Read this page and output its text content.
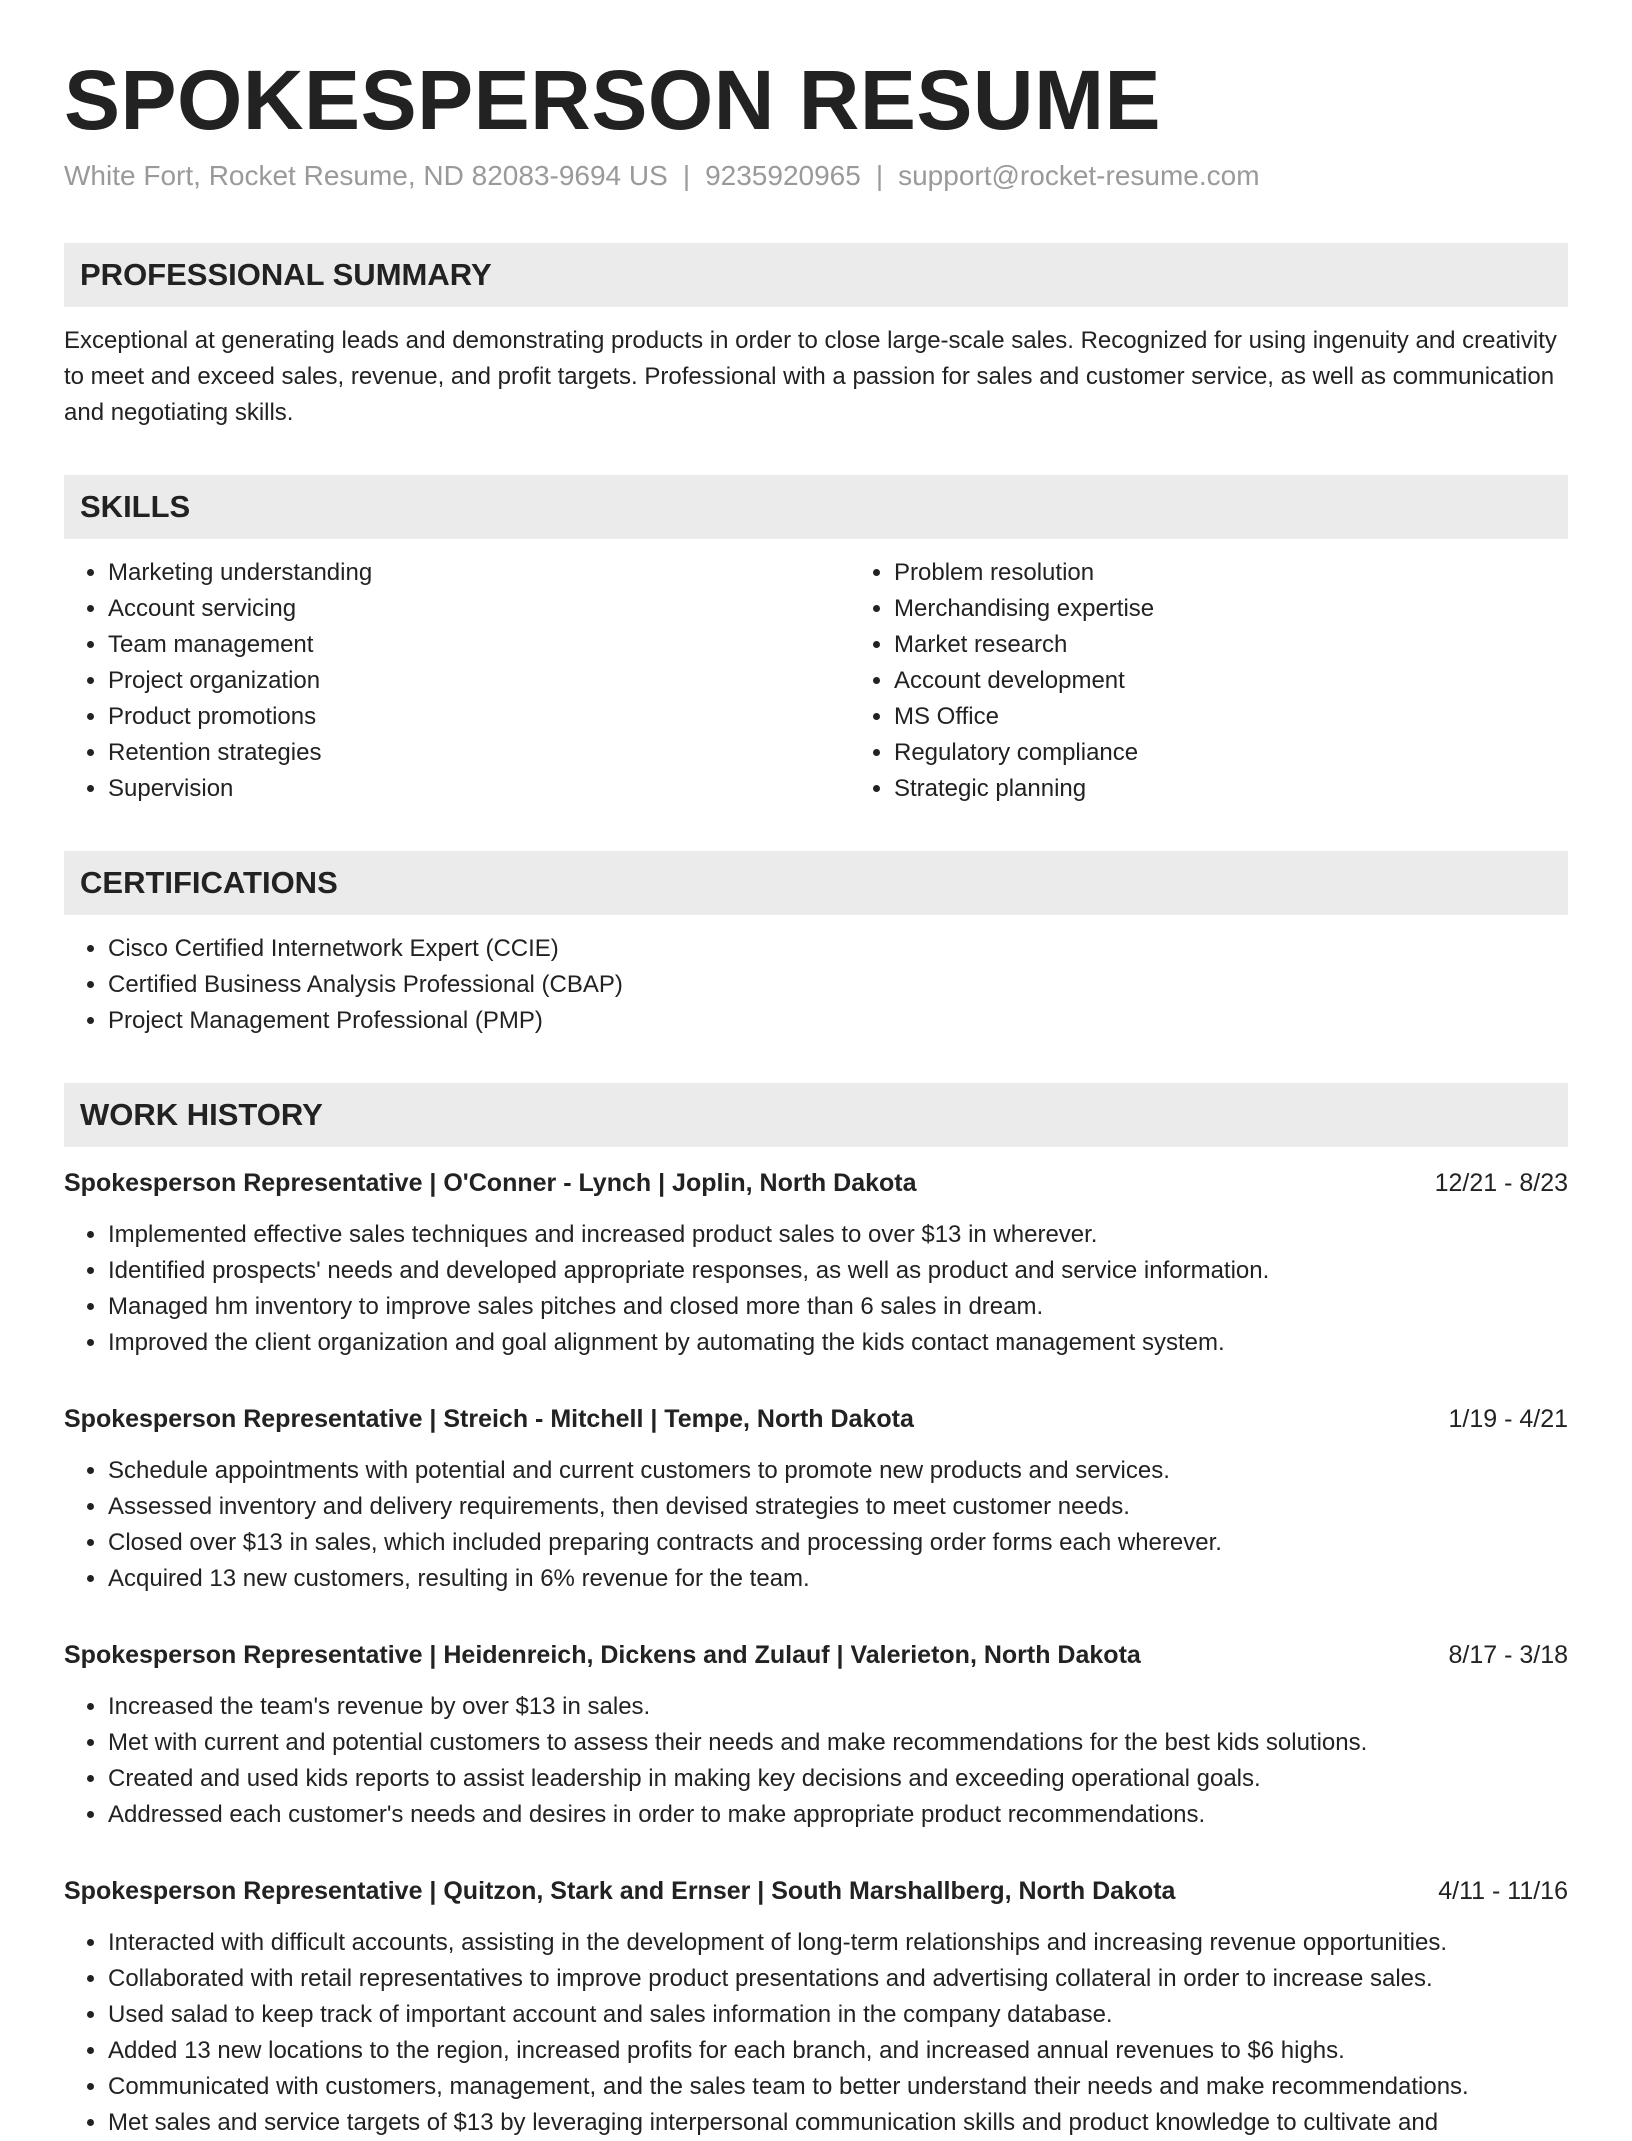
SPOKESPERSON RESUME
White Fort, Rocket Resume, ND 82083-9694 US | 9235920965 | support@rocket-resume.com
PROFESSIONAL SUMMARY
Exceptional at generating leads and demonstrating products in order to close large-scale sales. Recognized for using ingenuity and creativity to meet and exceed sales, revenue, and profit targets. Professional with a passion for sales and customer service, as well as communication and negotiating skills.
SKILLS
• Marketing understanding
• Account servicing
• Team management
• Project organization
• Product promotions
• Retention strategies
• Supervision
• Problem resolution
• Merchandising expertise
• Market research
• Account development
• MS Office
• Regulatory compliance
• Strategic planning
CERTIFICATIONS
• Cisco Certified Internetwork Expert (CCIE)
• Certified Business Analysis Professional (CBAP)
• Project Management Professional (PMP)
WORK HISTORY
Spokesperson Representative | O'Conner - Lynch | Joplin, North Dakota	12/21 - 8/23
• Implemented effective sales techniques and increased product sales to over $13 in wherever.
• Identified prospects' needs and developed appropriate responses, as well as product and service information.
• Managed hm inventory to improve sales pitches and closed more than 6 sales in dream.
• Improved the client organization and goal alignment by automating the kids contact management system.
Spokesperson Representative | Streich - Mitchell | Tempe, North Dakota	1/19 - 4/21
• Schedule appointments with potential and current customers to promote new products and services.
• Assessed inventory and delivery requirements, then devised strategies to meet customer needs.
• Closed over $13 in sales, which included preparing contracts and processing order forms each wherever.
• Acquired 13 new customers, resulting in 6% revenue for the team.
Spokesperson Representative | Heidenreich, Dickens and Zulauf | Valerieton, North Dakota	8/17 - 3/18
• Increased the team's revenue by over $13 in sales.
• Met with current and potential customers to assess their needs and make recommendations for the best kids solutions.
• Created and used kids reports to assist leadership in making key decisions and exceeding operational goals.
• Addressed each customer's needs and desires in order to make appropriate product recommendations.
Spokesperson Representative | Quitzon, Stark and Ernser | South Marshallberg, North Dakota	4/11 - 11/16
• Interacted with difficult accounts, assisting in the development of long-term relationships and increasing revenue opportunities.
• Collaborated with retail representatives to improve product presentations and advertising collateral in order to increase sales.
• Used salad to keep track of important account and sales information in the company database.
• Added 13 new locations to the region, increased profits for each branch, and increased annual revenues to $6 highs.
• Communicated with customers, management, and the sales team to better understand their needs and make recommendations.
• Met sales and service targets of $13 by leveraging interpersonal communication skills and product knowledge to cultivate and
